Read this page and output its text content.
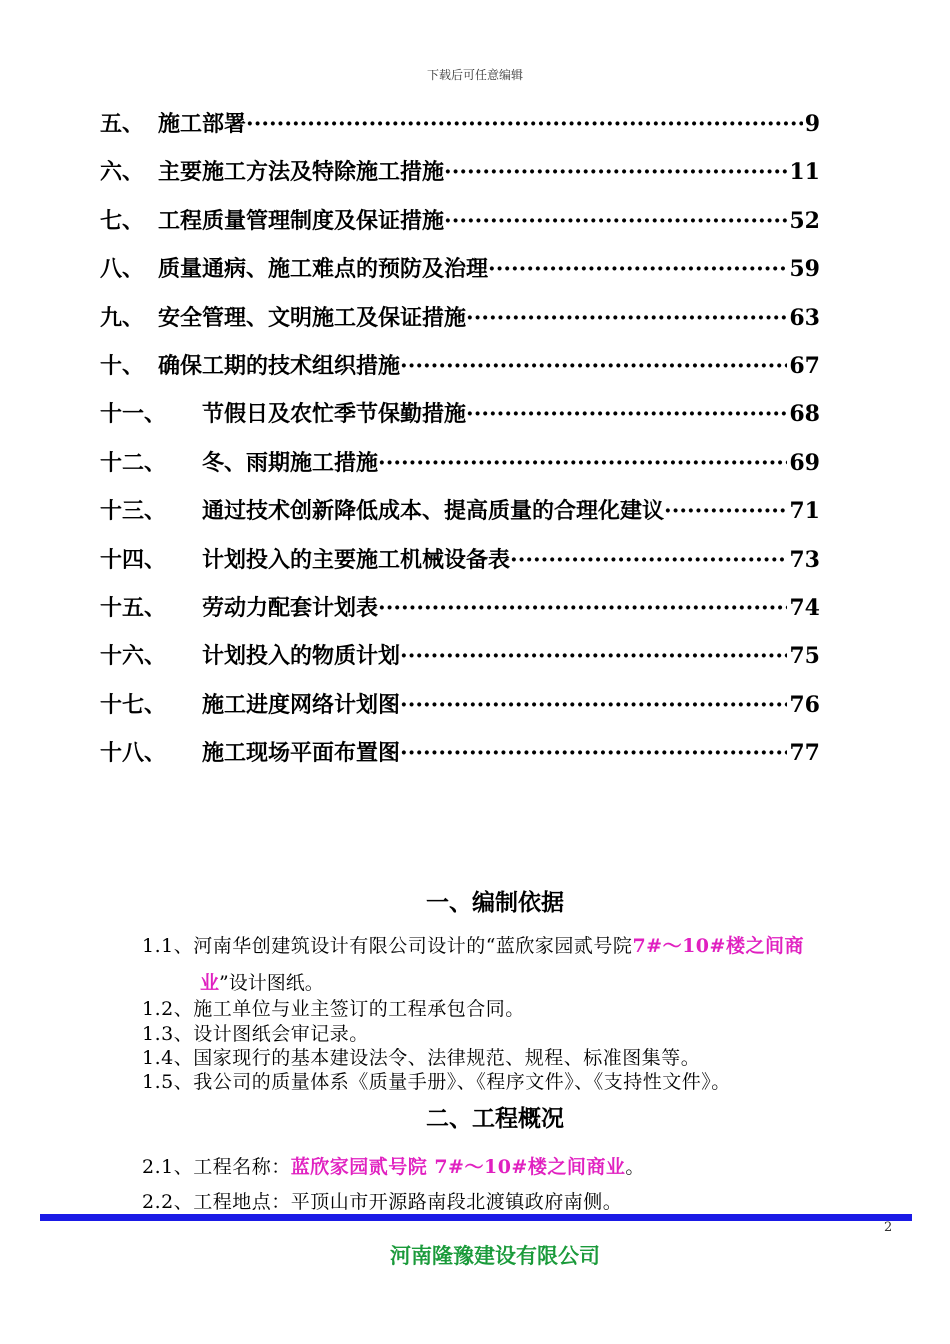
下载后可任意编辑
五、 施工部署 ·····	9
六、 主要施工方法及特除施工措施 ·····	11
七、 工程质量管理制度及保证措施 ·····	52
八、 质量通病、施工难点的预防及治理 ·····	59
九、 安全管理、文明施工及保证措施 ·····	63
十、 确保工期的技术组织措施 ·····	67
十一、 节假日及农忙季节保勤措施 ·····	68
十二、 冬、雨期施工措施 ·····	69
十三、 通过技术创新降低成本、提高质量的合理化建议 ·····	71
十四、 计划投入的主要施工机械设备表 ·····	73
十五、 劳动力配套计划表 ·····	74
十六、 计划投入的物质计划 ·····	75
十七、 施工进度网络计划图 ·····	76
十八、 施工现场平面布置图 ·····	77
一、编制依据
1.1、河南华创建筑设计有限公司设计的“蓝欣家园贰号院7#～10#楼之间商
业”设计图纸。
1.2、施工单位与业主签订的工程承包合同。
1.3、设计图纸会审记录。
1.4、国家现行的基本建设法令、法律规范、规程、标准图集等。
1.5、我公司的质量体系《质量手册》、《程序文件》、《支持性文件》。
二、工程概况
2.1、工程名称：蓝欣家园贰号院 7#～10#楼之间商业。
2.2、工程地点：平顶山市开源路南段北渡镇政府南侧。
2
河南隆豫建设有限公司
